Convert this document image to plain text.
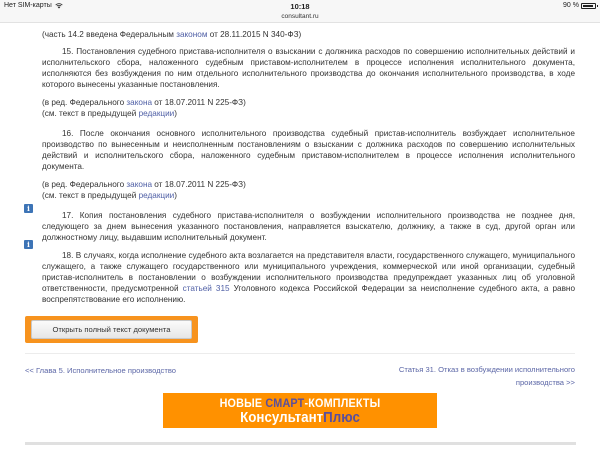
Нет SIM-карты	10:18
consultant.ru
90 %

(часть 14.2 введена Федеральным законом от 28.11.2015 N 340-ФЗ)

15. Постановления судебного пристава-исполнителя о взыскании с должника расходов по совершению исполнительных действий и исполнительского сбора, наложенного судебным приставом-исполнителем в процессе исполнения исполнительного документа, исполняются без возбуждения по ним отдельного исполнительного производства до окончания исполнительного производства, в ходе которого вынесены указанные постановления.

(в ред. Федерального закона от 18.07.2011 N 225-ФЗ)

(см. текст в предыдущей редакции)

16. После окончания основного исполнительного производства судебный пристав-исполнитель возбуждает исполнительное производство по вынесенным и неисполненным постановлениям о взыскании с должника расходов по совершению исполнительных действий и исполнительского сбора, наложенного судебным приставом-исполнителем в процессе исполнения исполнительного документа.

(в ред. Федерального закона от 18.07.2011 N 225-ФЗ)

(см. текст в предыдущей редакции)

17. Копия постановления судебного пристава-исполнителя о возбуждении исполнительного производства не позднее дня, следующего за днем вынесения указанного постановления, направляется взыскателю, должнику, а также в суд, другой орган или должностному лицу, выдавшим исполнительный документ.

18. В случаях, когда исполнение судебного акта возлагается на представителя власти, государственного служащего, муниципального служащего, а также служащего государственного или муниципального учреждения, коммерческой или иной организации, судебный пристав-исполнитель в постановлении о возбуждении исполнительного производства предупреждает указанных лиц об уголовной ответственности, предусмотренной статьей 315 Уголовного кодекса Российской Федерации за неисполнение судебного акта, а равно воспрепятствование его исполнению.

i
i
Открыть полный текст документа
<< Глава 5. Исполнительное производство	Статья 31. Отказ в возбуждении исполнительного производства >>
НОВЫЕ СМАРТ-КОМПЛЕКТЫ
КонсультантПлюс
